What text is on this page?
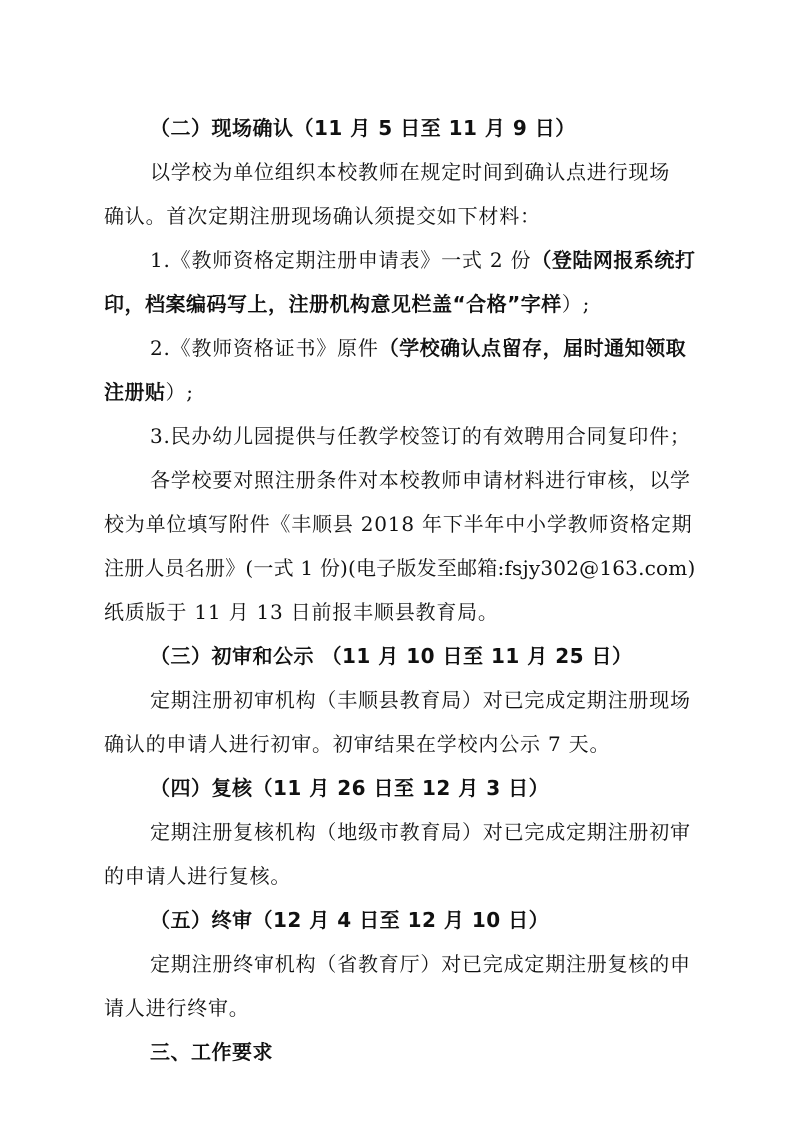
（二）现场确认（11 月 5 日至 11 月 9 日）
以学校为单位组织本校教师在规定时间到确认点进行现场
确认。首次定期注册现场确认须提交如下材料：
1.《教师资格定期注册申请表》一式 2 份（登陆网报系统打
印，档案编码写上，注册机构意见栏盖“合格”字样）;
2.《教师资格证书》原件（学校确认点留存，届时通知领取
注册贴）;
3.民办幼儿园提供与任教学校签订的有效聘用合同复印件；
各学校要对照注册条件对本校教师申请材料进行审核，以学
校为单位填写附件《丰顺县 2018 年下半年中小学教师资格定期
注册人员名册》(一式 1 份)(电子版发至邮箱:fsjy302@163.com)
纸质版于 11 月 13 日前报丰顺县教育局。
（三）初审和公示 （11 月 10 日至 11 月 25 日）
定期注册初审机构（丰顺县教育局）对已完成定期注册现场
确认的申请人进行初审。初审结果在学校内公示 7 天。
（四）复核（11 月 26 日至 12 月 3 日）
定期注册复核机构（地级市教育局）对已完成定期注册初审
的申请人进行复核。
（五）终审（12 月 4 日至 12 月 10 日）
定期注册终审机构（省教育厅）对已完成定期注册复核的申
请人进行终审。
三、工作要求
